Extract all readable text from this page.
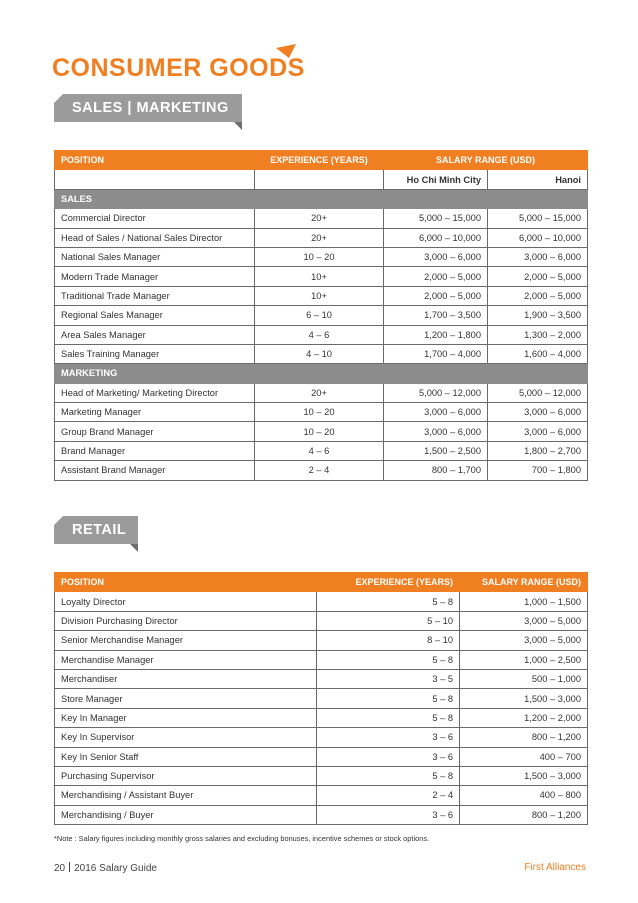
CONSUMER GOODS
SALES | MARKETING
POSITION	EXPERIENCE (YEARS)	SALARY RANGE (USD)	
		Ho Chi Minh City	Hanoi
SALES			
Commercial Director	20+	5,000 – 15,000	5,000 – 15,000
Head of Sales / National Sales Director	20+	6,000 – 10,000	6,000 – 10,000
National Sales Manager	10 – 20	3,000 – 6,000	3,000 – 6,000
Modern Trade Manager	10+	2,000 – 5,000	2,000 – 5,000
Traditional Trade Manager	10+	2,000 – 5,000	2,000 – 5,000
Regional Sales Manager	6 – 10	1,700 – 3,500	1,900 – 3,500
Area Sales Manager	4 – 6	1,200 – 1,800	1,300 – 2,000
Sales Training Manager	4 – 10	1,700 – 4,000	1,600 – 4,000
MARKETING			
Head of Marketing/ Marketing Director	20+	5,000 – 12,000	5,000 – 12,000
Marketing Manager	10 – 20	3,000 – 6,000	3,000 – 6,000
Group Brand Manager	10 – 20	3,000 – 6,000	3,000 – 6,000
Brand Manager	4 – 6	1,500 – 2,500	1,800 – 2,700
Assistant Brand Manager	2 – 4	800 – 1,700	700 – 1,800
RETAIL
POSITION	EXPERIENCE (YEARS)	SALARY RANGE (USD)
Loyalty Director	5 – 8	1,000 – 1,500
Division Purchasing Director	5 – 10	3,000 – 5,000
Senior Merchandise Manager	8 – 10	3,000 – 5,000
Merchandise Manager	5 – 8	1,000 – 2,500
Merchandiser	3 – 5	500 – 1,000
Store Manager	5 – 8	1,500 – 3,000
Key In Manager	5 – 8	1,200 – 2,000
Key In Supervisor	3 – 6	800 – 1,200
Key In Senior Staff	3 – 6	400 – 700
Purchasing Supervisor	5 – 8	1,500 – 3,000
Merchandising / Assistant Buyer	2 – 4	400 – 800
Merchandising / Buyer	3 – 6	800 – 1,200
*Note : Salary figures including monthly gross salaries and excluding bonuses, incentive schemes or stock options.
20 2016 Salary Guide	First Alliances
